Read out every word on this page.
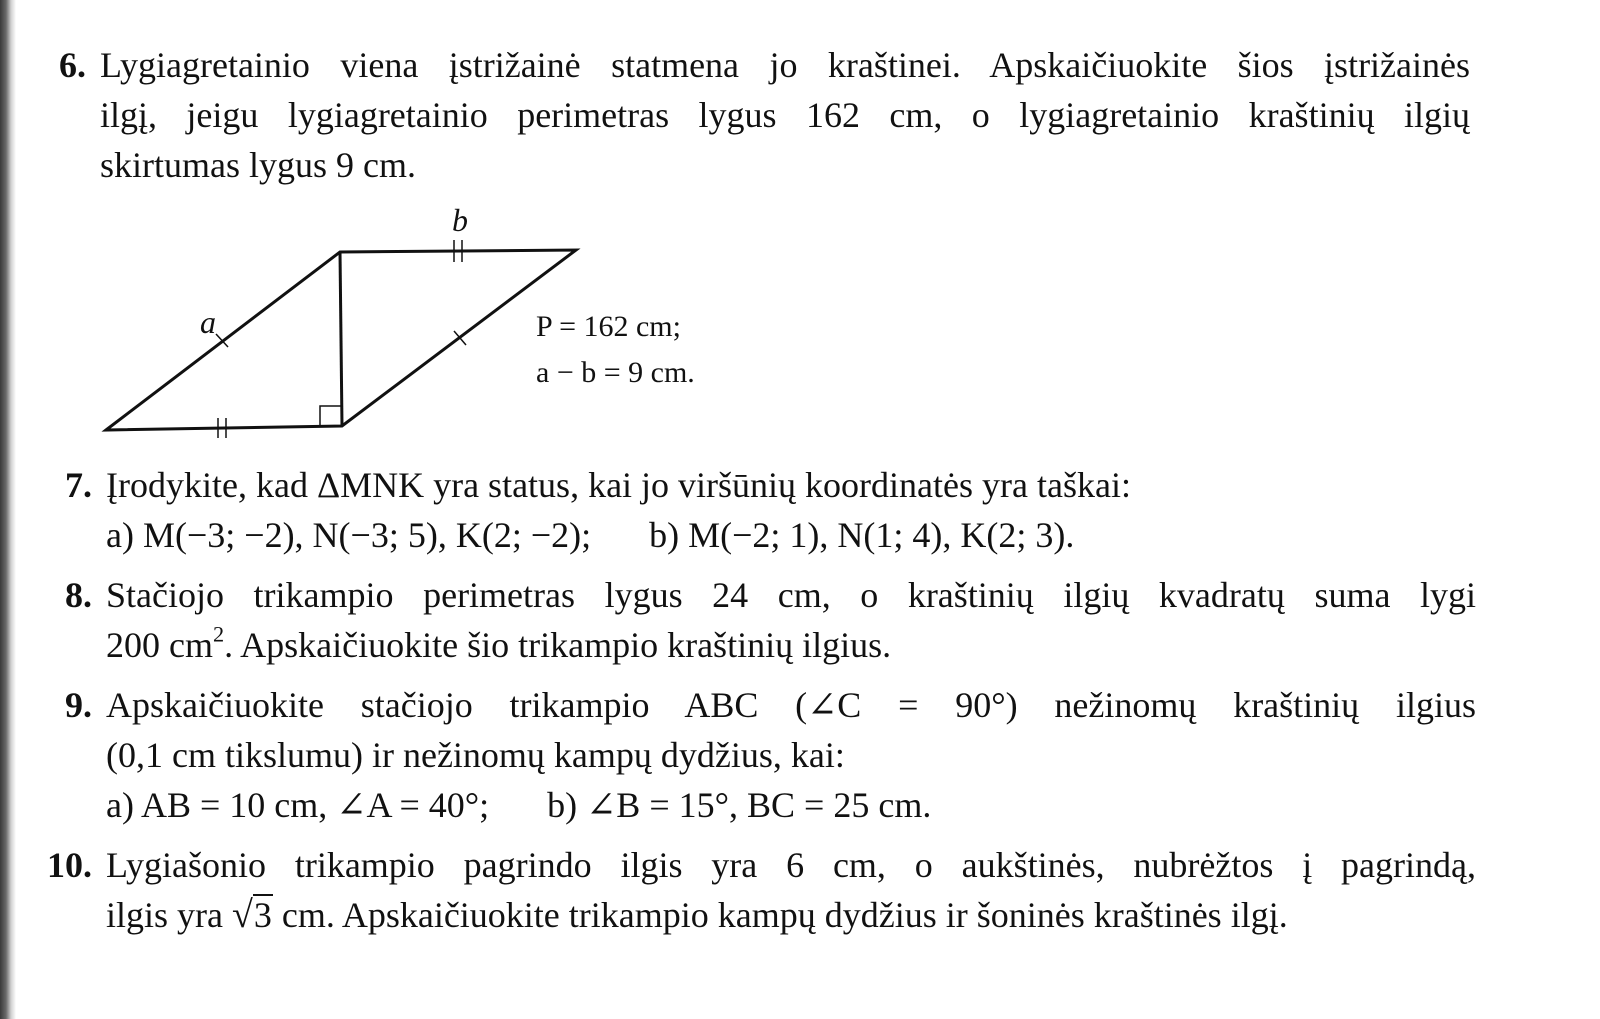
6. Lygiagretainio viena įstrižainė statmena jo kraštinei. Apskaičiuokite šios įstrižainės
ilgį, jeigu lygiagretainio perimetras lygus 162 cm, o lygiagretainio kraštinių ilgių
skirtumas lygus 9 cm.
a
b
P = 162 cm;
a − b = 9 cm.
7. Įrodykite, kad ΔMNK yra status, kai jo viršūnių koordinatės yra taškai:
a) M(−3; −2), N(−3; 5), K(2; −2); b) M(−2; 1), N(1; 4), K(2; 3).
8. Stačiojo trikampio perimetras lygus 24 cm, o kraštinių ilgių kvadratų suma lygi
200 $cm^2$. Apskaičiuokite šio trikampio kraštinių ilgius.
9. Apskaičiuokite stačiojo trikampio ABC (∠C = 90°) nežinomų kraštinių ilgius
(0,1 cm tikslumu) ir nežinomų kampų dydžius, kai:
a) AB = 10 cm, ∠A = 40°; b) ∠B = 15°, BC = 25 cm.
10. Lygiašonio trikampio pagrindo ilgis yra 6 cm, o aukštinės, nubrėžtos į pagrindą,
ilgis yra √3 cm. Apskaičiuokite trikampio kampų dydžius ir šoninės kraštinės ilgį.
